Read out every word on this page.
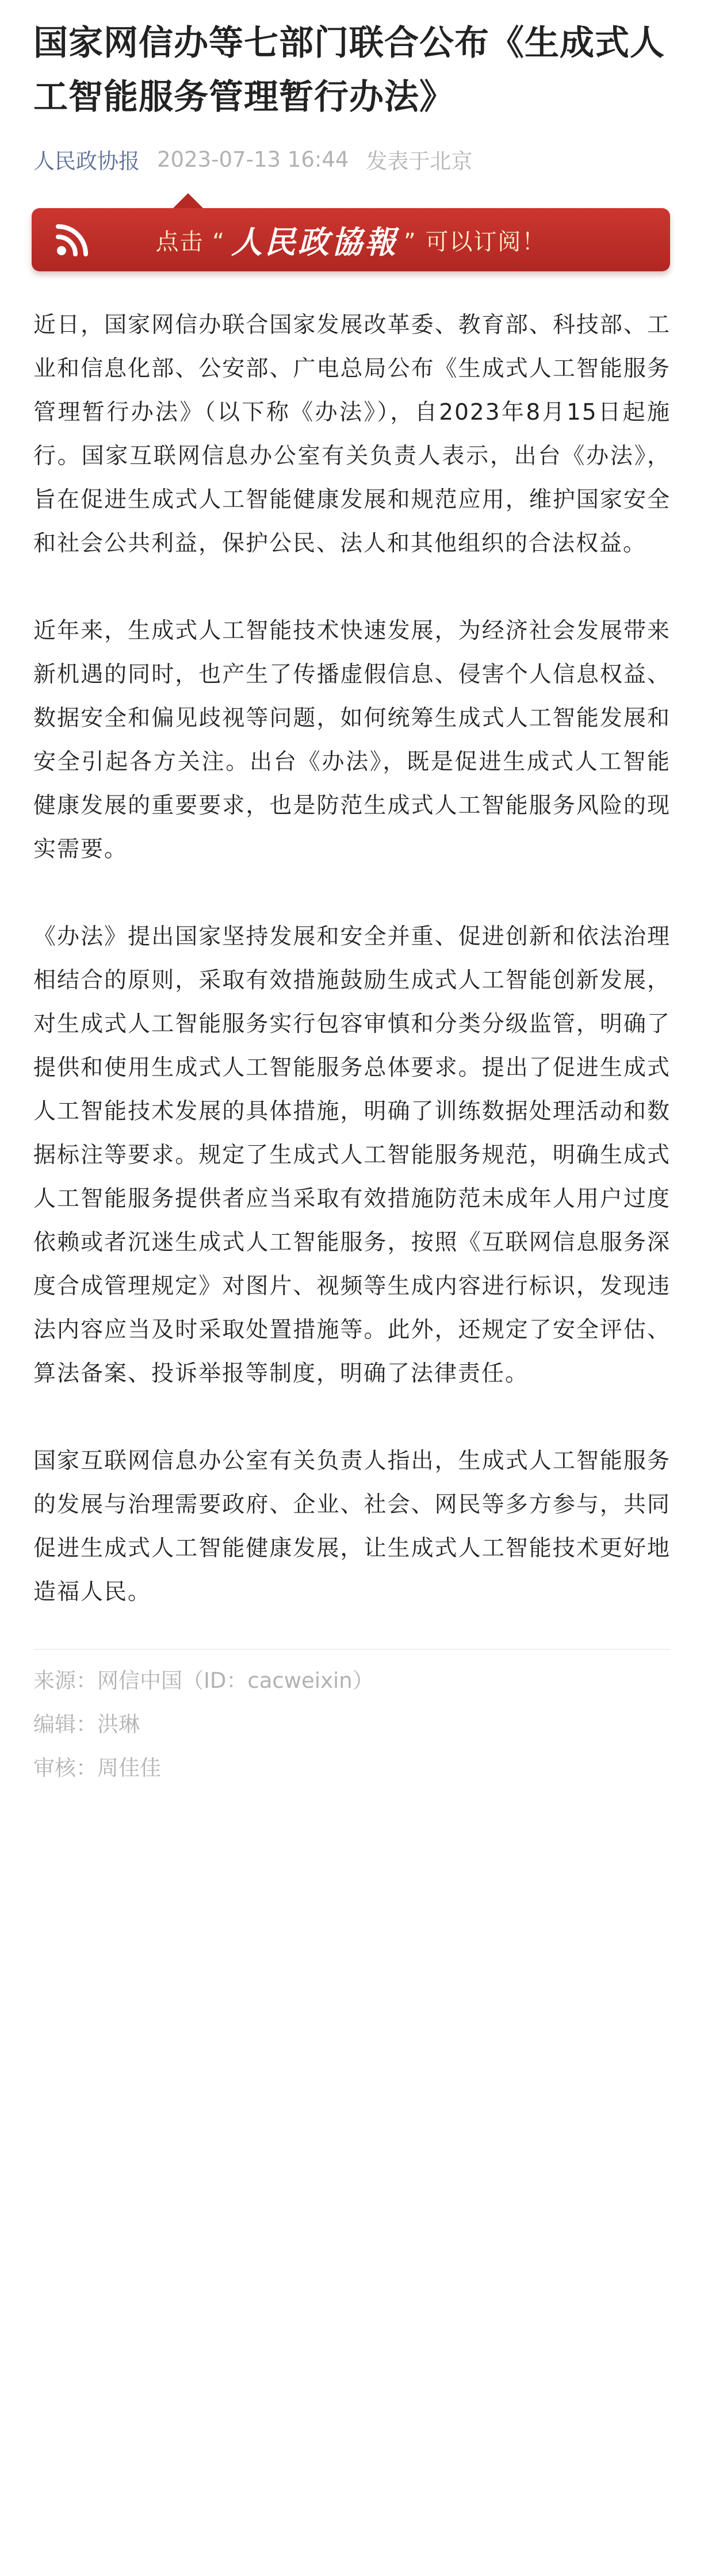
国家网信办等七部门联合公布《生成式人工智能服务管理暂行办法》
人民政协报 2023-07-13 16:44 发表于北京
点击 “ 人民政協報 ” 可以订阅！

近日，国家网信办联合国家发展改革委、教育部、科技部、工业和信息化部、公安部、广电总局公布《生成式人工智能服务管理暂行办法》（以下称《办法》），自2023年8月15日起施行。国家互联网信息办公室有关负责人表示，出台《办法》，旨在促进生成式人工智能健康发展和规范应用，维护国家安全和社会公共利益，保护公民、法人和其他组织的合法权益。

近年来，生成式人工智能技术快速发展，为经济社会发展带来新机遇的同时，也产生了传播虚假信息、侵害个人信息权益、数据安全和偏见歧视等问题，如何统筹生成式人工智能发展和安全引起各方关注。出台《办法》，既是促进生成式人工智能健康发展的重要要求，也是防范生成式人工智能服务风险的现实需要。

《办法》提出国家坚持发展和安全并重、促进创新和依法治理相结合的原则，采取有效措施鼓励生成式人工智能创新发展，对生成式人工智能服务实行包容审慎和分类分级监管，明确了提供和使用生成式人工智能服务总体要求。提出了促进生成式人工智能技术发展的具体措施，明确了训练数据处理活动和数据标注等要求。规定了生成式人工智能服务规范，明确生成式人工智能服务提供者应当采取有效措施防范未成年人用户过度依赖或者沉迷生成式人工智能服务，按照《互联网信息服务深度合成管理规定》对图片、视频等生成内容进行标识，发现违法内容应当及时采取处置措施等。此外，还规定了安全评估、算法备案、投诉举报等制度，明确了法律责任。

国家互联网信息办公室有关负责人指出，生成式人工智能服务的发展与治理需要政府、企业、社会、网民等多方参与，共同促进生成式人工智能健康发展，让生成式人工智能技术更好地造福人民。

来源：网信中国（ID：cacweixin）

编辑：洪琳

审核：周佳佳
